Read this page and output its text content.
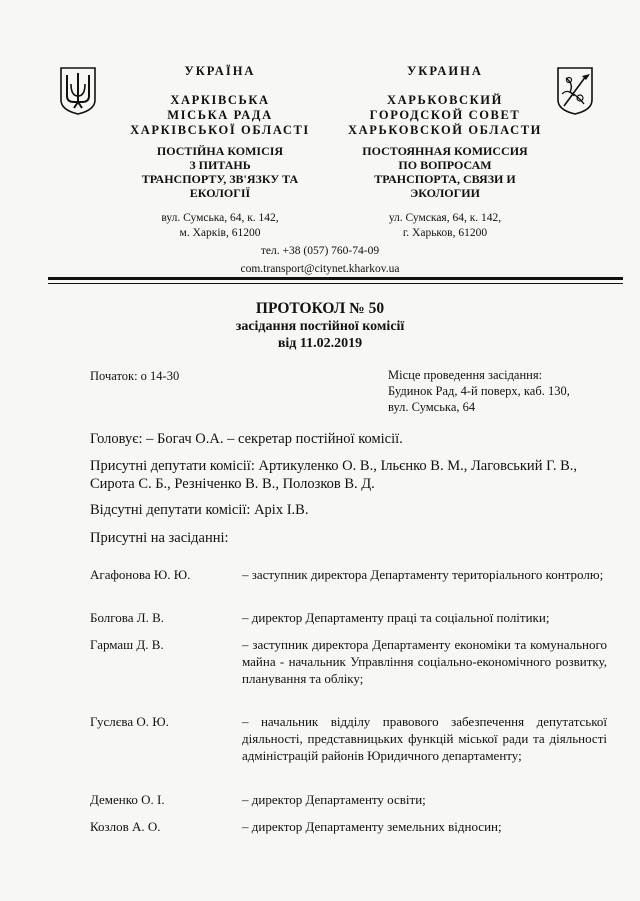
УКРАЇНА
ХАРКІВСЬКА
МІСЬКА РАДА
ХАРКІВСЬКОЇ ОБЛАСТІ
ПОСТІЙНА КОМІСІЯ
З ПИТАНЬ
ТРАНСПОРТУ, ЗВ'ЯЗКУ ТА
ЕКОЛОГІЇ
вул. Сумська, 64, к. 142,
м. Харків, 61200
УКРАИНА
ХАРЬКОВСКИЙ
ГОРОДСКОЙ СОВЕТ
ХАРЬКОВСКОЙ ОБЛАСТИ
ПОСТОЯННАЯ КОМИССИЯ
ПО ВОПРОСАМ
ТРАНСПОРТА, СВЯЗИ И
ЭКОЛОГИИ
ул. Сумская, 64, к. 142,
г. Харьков, 61200
тел. +38 (057) 760-74-09
com.transport@citynet.kharkov.ua
ПРОТОКОЛ № 50
засідання постійної комісії
від 11.02.2019
Початок: о 14-30	Місце проведення засідання:
Будинок Рад, 4-й поверх, каб. 130,
вул. Сумська, 64
Головує: – Богач О.А. – секретар постійної комісії.
Присутні депутати комісії: Артикуленко О. В., Ільєнко В. М., Лаговський Г. В., Сирота С. Б., Резніченко В. В., Полозков В. Д.
Відсутні депутати комісії: Аріх І.В.
Присутні на засіданні:
Агафонова Ю. Ю.	– заступник директора Департаменту територіального контролю;
Болгова Л. В.	– директор Департаменту праці та соціальної політики;
Гармаш Д. В.	– заступник директора Департаменту економіки та комунального майна - начальник Управління соціально-економічного розвитку, планування та обліку;
Гуслєва О. Ю.	– начальник відділу правового забезпечення депутатської діяльності, представницьких функцій міської ради та діяльності адміністрацій районів Юридичного департаменту;
Деменко О. І.	– директор Департаменту освіти;
Козлов А. О.	– директор Департаменту земельних відносин;
